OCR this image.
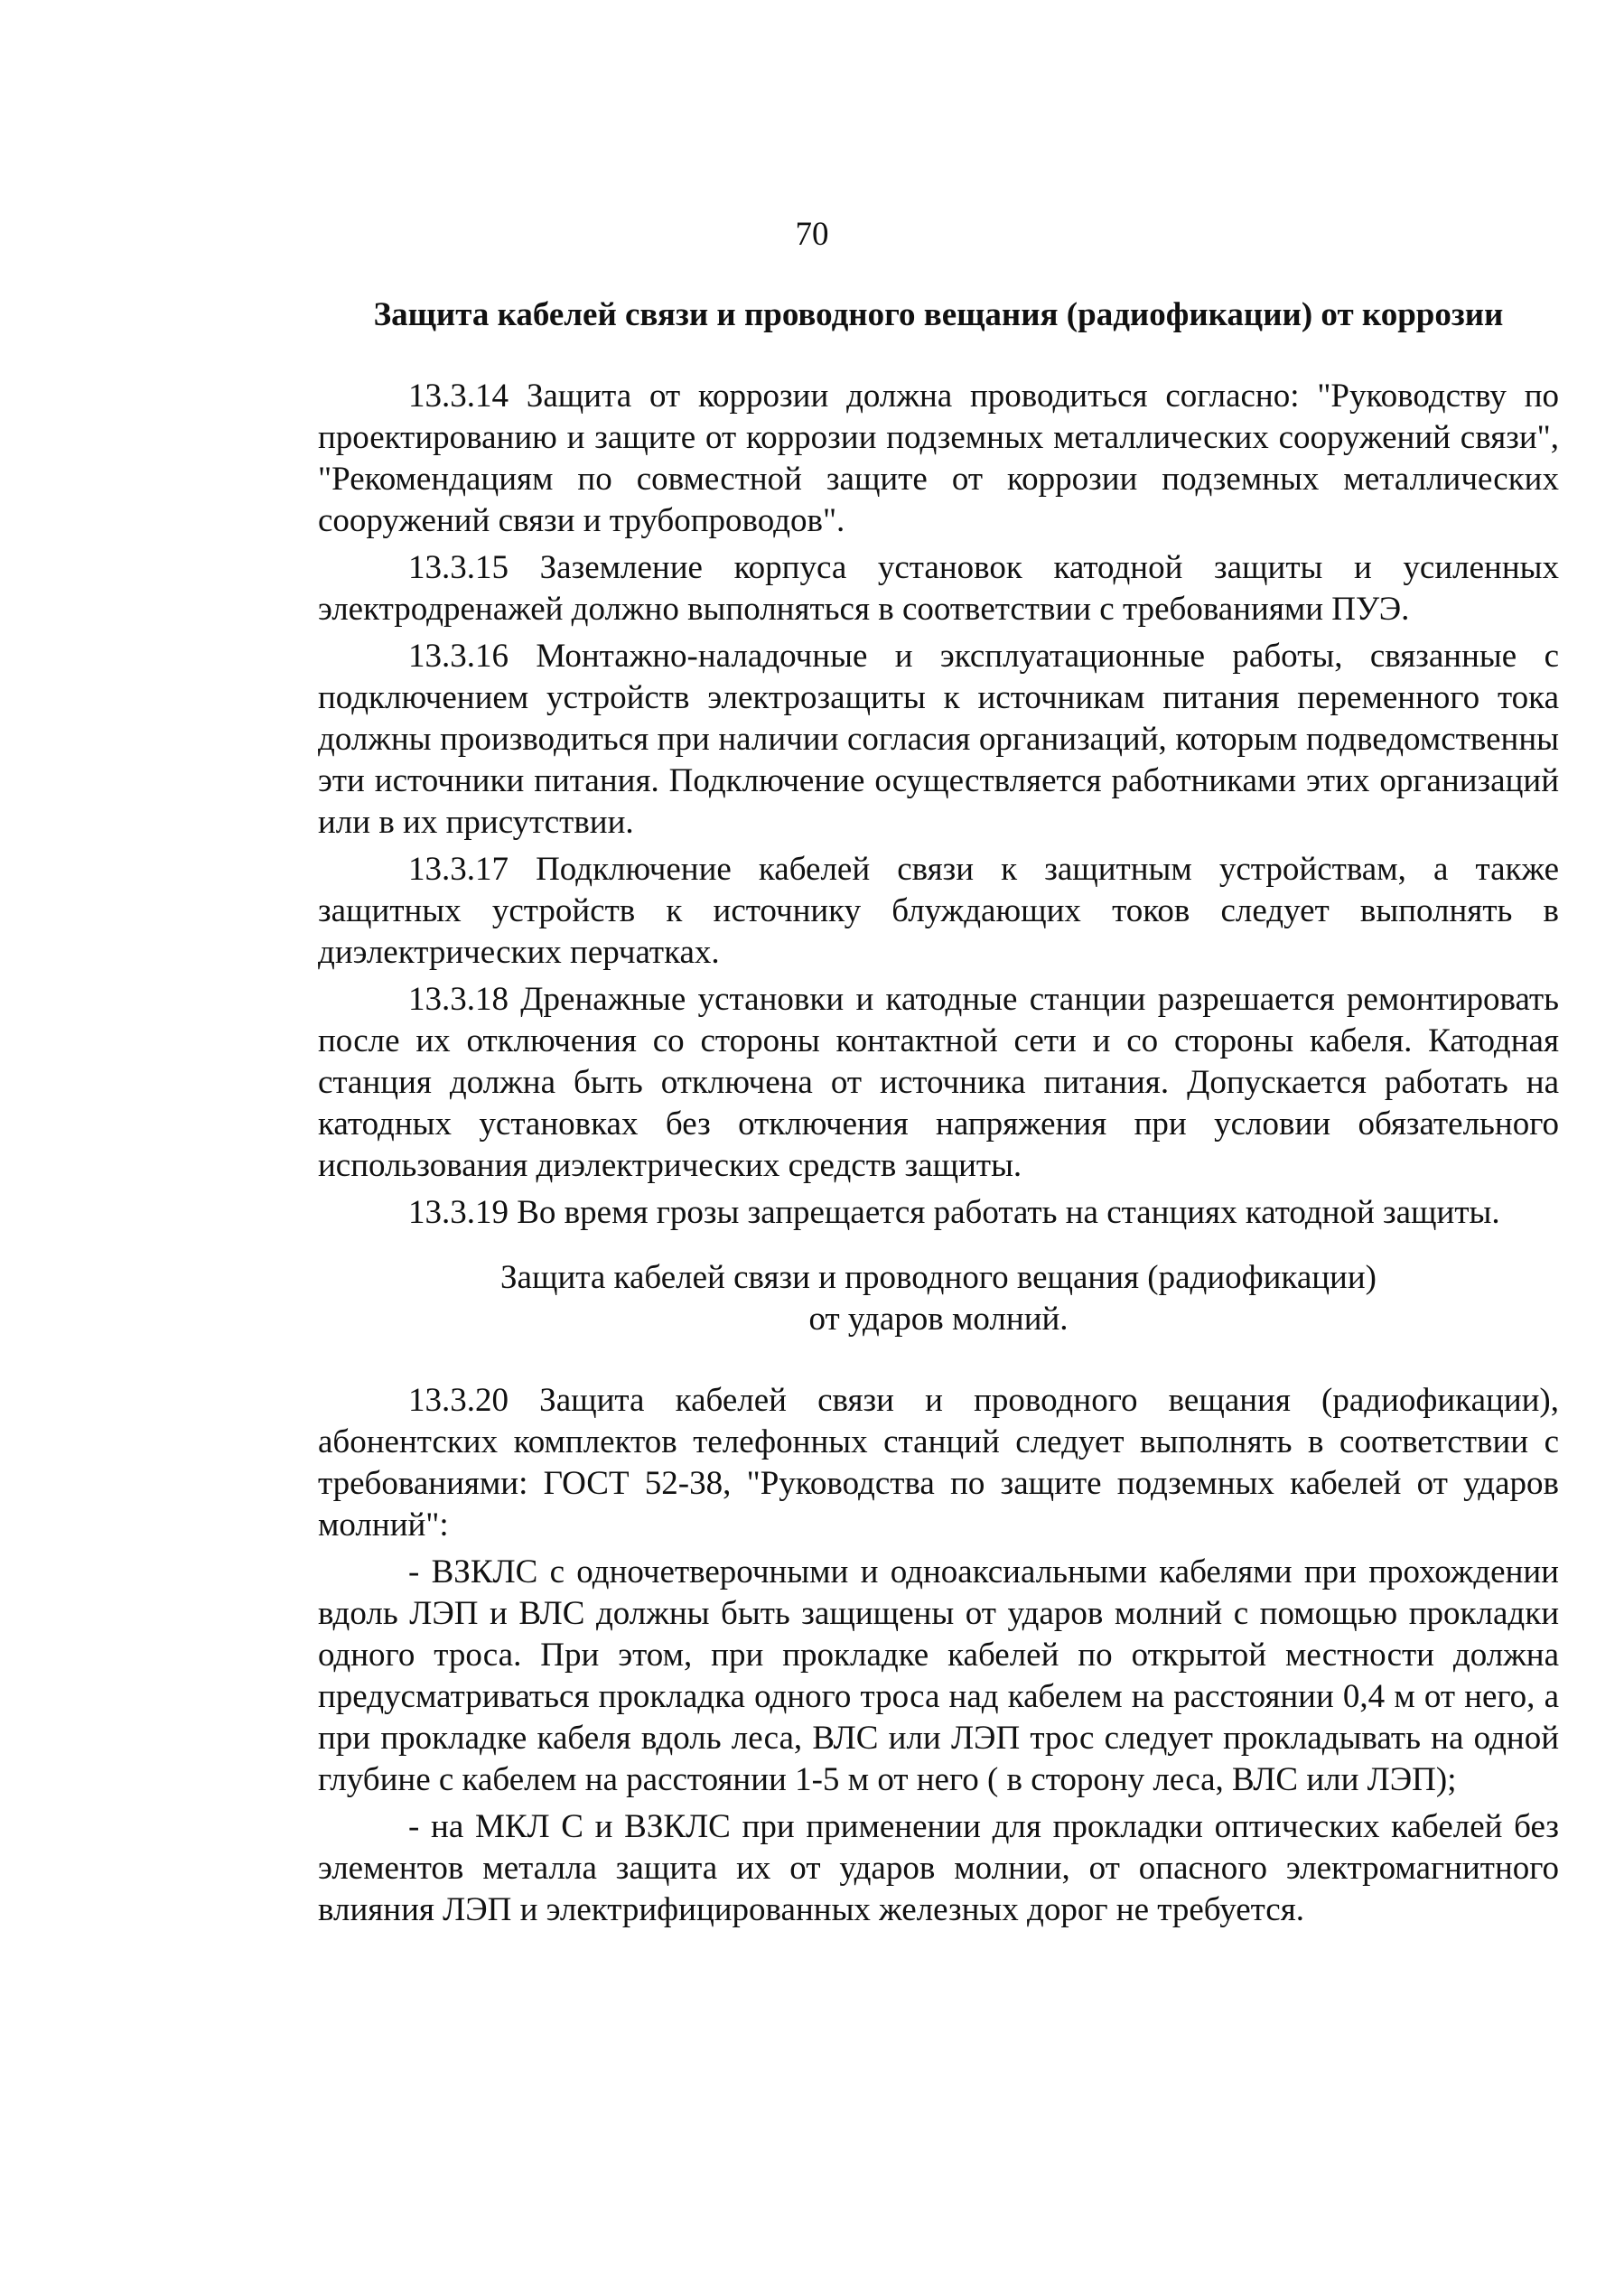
70
Защита кабелей связи и проводного вещания (радиофикации) от коррозии

13.3.14 Защита от коррозии должна проводиться согласно: "Руководству по проектированию и защите от коррозии подземных металлических сооружений связи", "Рекомендациям по совместной защите от коррозии подземных металлических сооружений связи и трубопроводов".

13.3.15 Заземление корпуса установок катодной защиты и усиленных электродренажей должно выполняться в соответствии с требованиями ПУЭ.

13.3.16 Монтажно-наладочные и эксплуатационные работы, связанные с подключением устройств электрозащиты к источникам питания переменного тока должны производиться при наличии согласия организаций, которым подведомственны эти источники питания. Подключение осуществляется работниками этих организаций или в их присутствии.

13.3.17 Подключение кабелей связи к защитным устройствам, а также защитных устройств к источнику блуждающих токов следует выполнять в диэлектрических перчатках.

13.3.18 Дренажные установки и катодные станции разрешается ремонтировать после их отключения со стороны контактной сети и со стороны кабеля. Катодная станция должна быть отключена от источника питания. Допускается работать на катодных установках без отключения напряжения при условии обязательного использования диэлектрических средств защиты.

13.3.19 Во время грозы запрещается работать на станциях катодной защиты.

Защита кабелей связи и проводного вещания (радиофикации)
от ударов молний.

13.3.20 Защита кабелей связи и проводного вещания (радиофикации), абонентских комплектов телефонных станций следует выполнять в соответствии с требованиями: ГОСТ 52-38, "Руководства по защите подземных кабелей от ударов молний":

- ВЗКЛС с одночетверочными и одноаксиальными кабелями при прохождении вдоль ЛЭП и ВЛС должны быть защищены от ударов молний с помощью прокладки одного троса. При этом, при прокладке кабелей по открытой местности должна предусматриваться прокладка одного троса над кабелем на расстоянии 0,4 м от него, а при прокладке кабеля вдоль леса, ВЛС или ЛЭП трос следует прокладывать на одной глубине с кабелем на расстоянии 1-5 м от него ( в сторону леса, ВЛС или ЛЭП);

- на МКЛ С и ВЗКЛС при применении для прокладки оптических кабелей без элементов металла защита их от ударов молнии, от опасного электромагнитного влияния ЛЭП и электрифицированных железных дорог не требуется.
